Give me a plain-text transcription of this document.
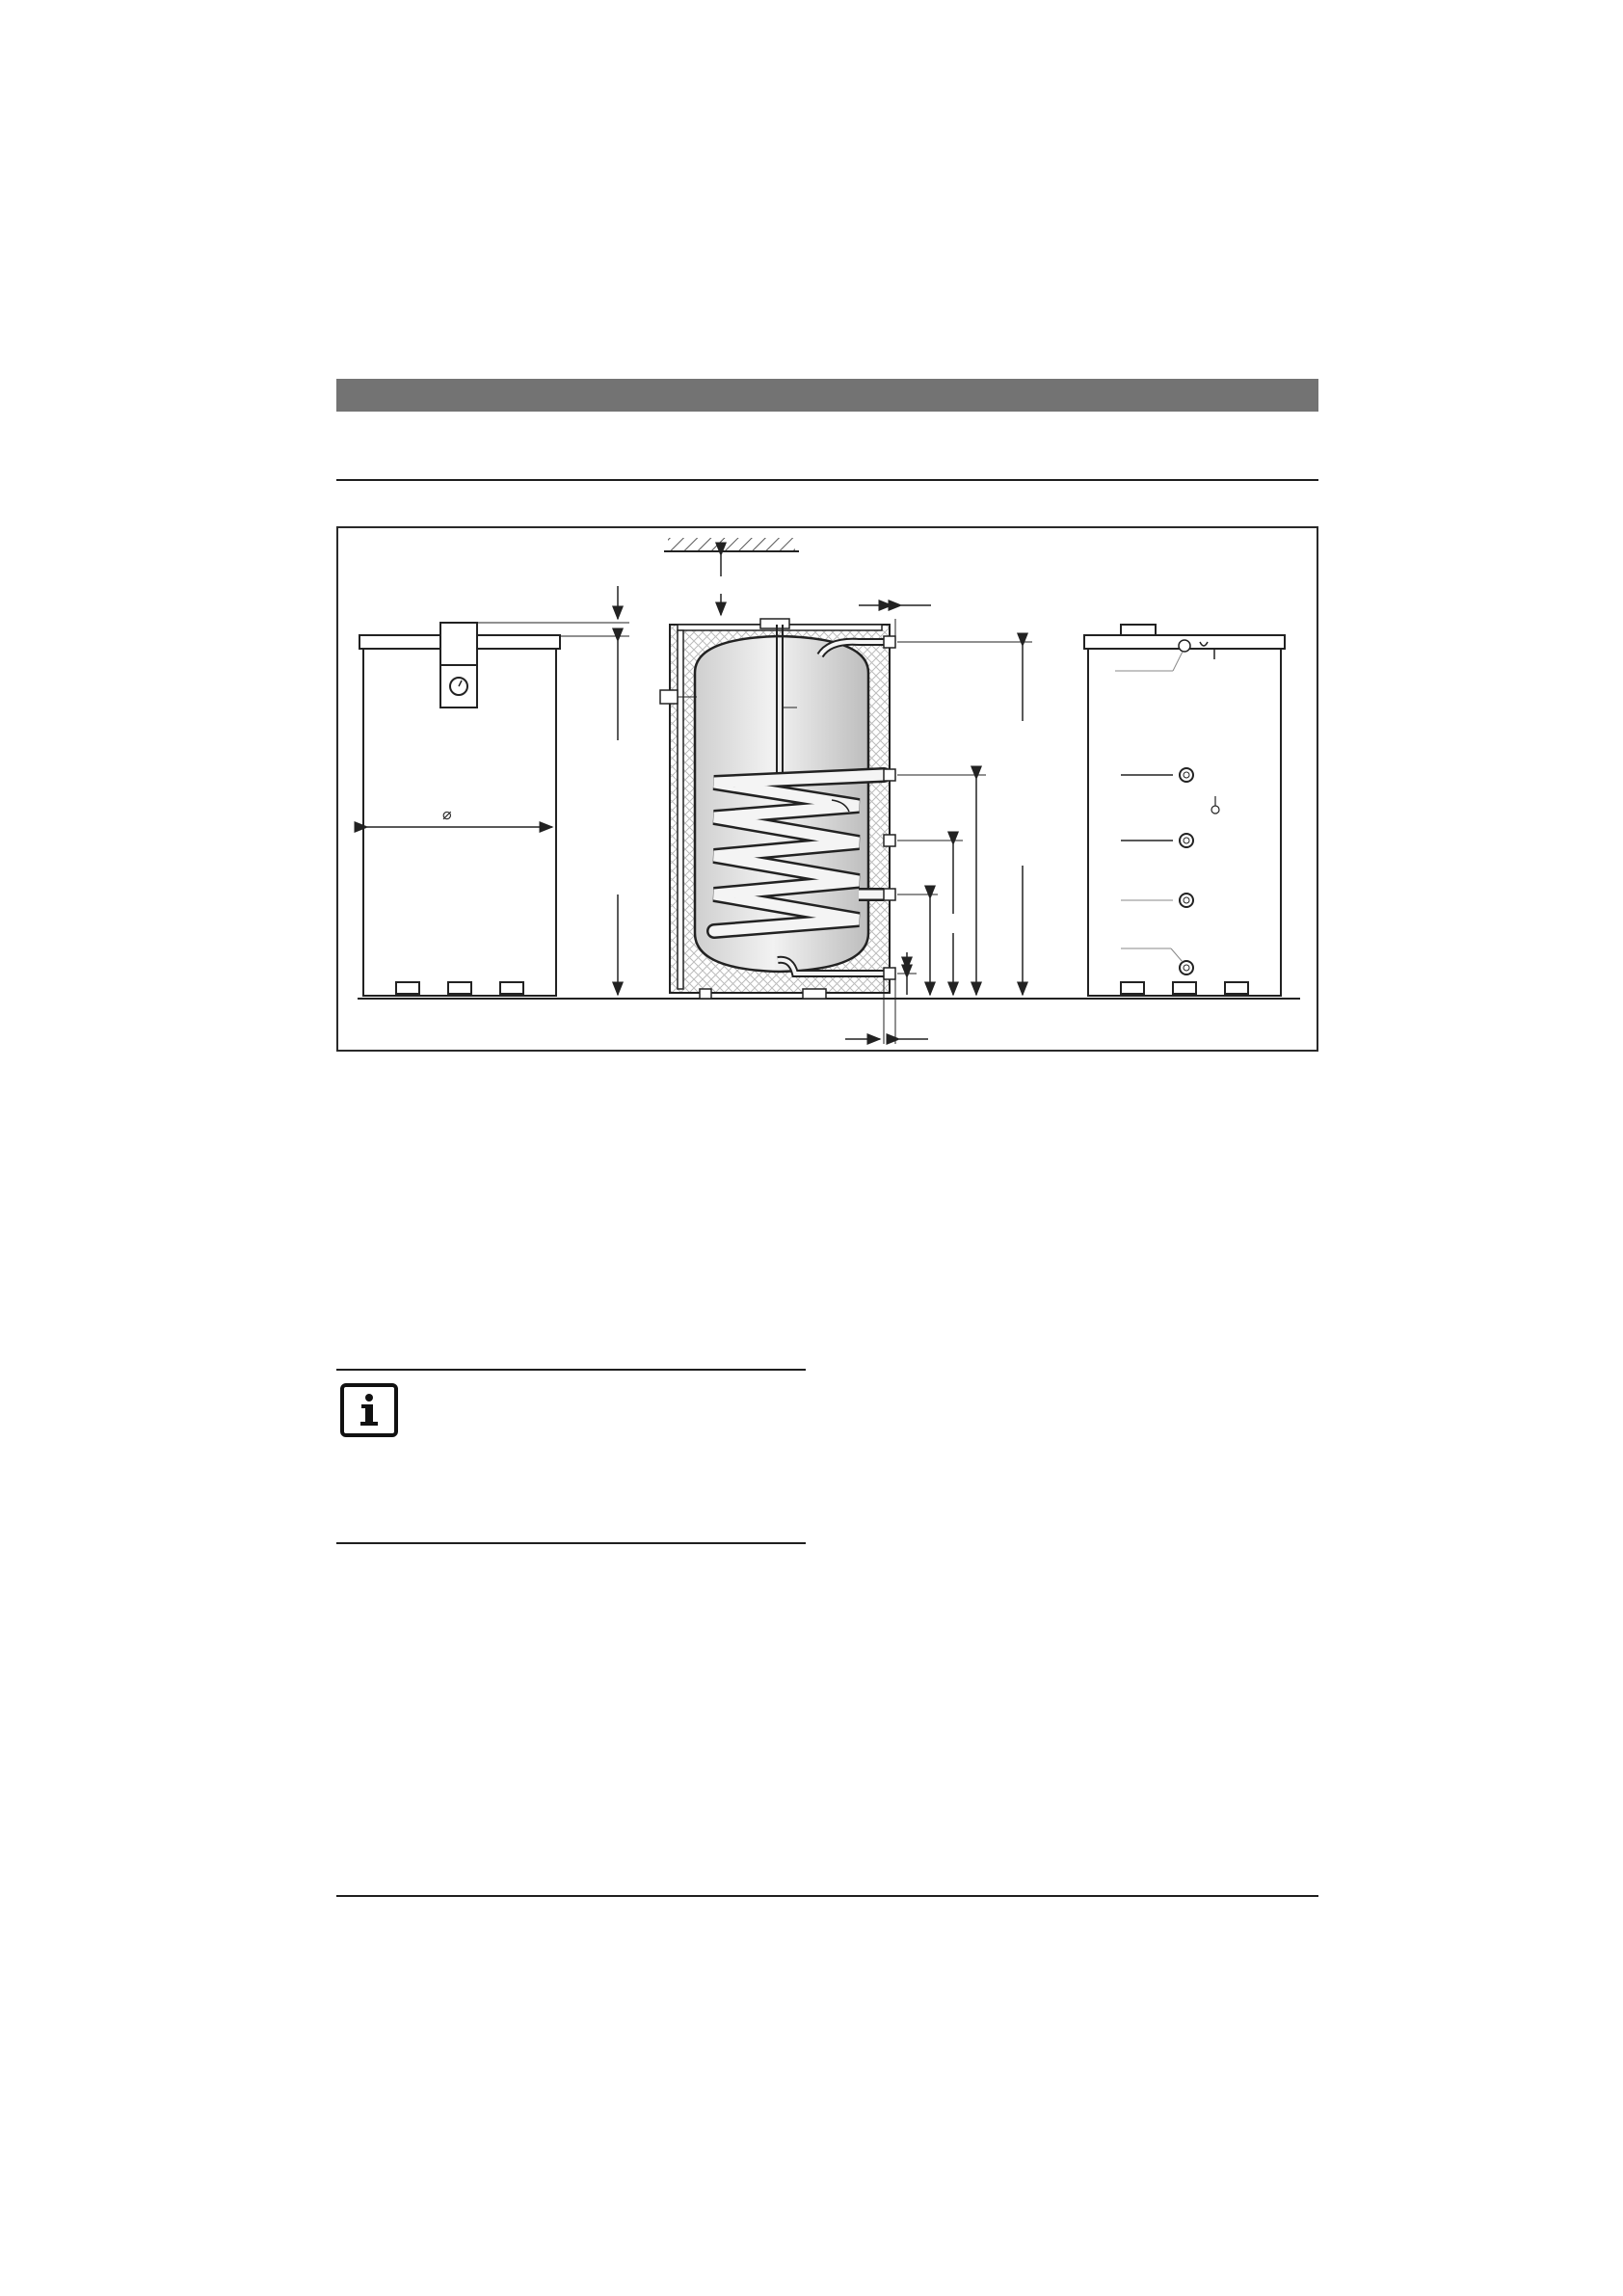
⌀
